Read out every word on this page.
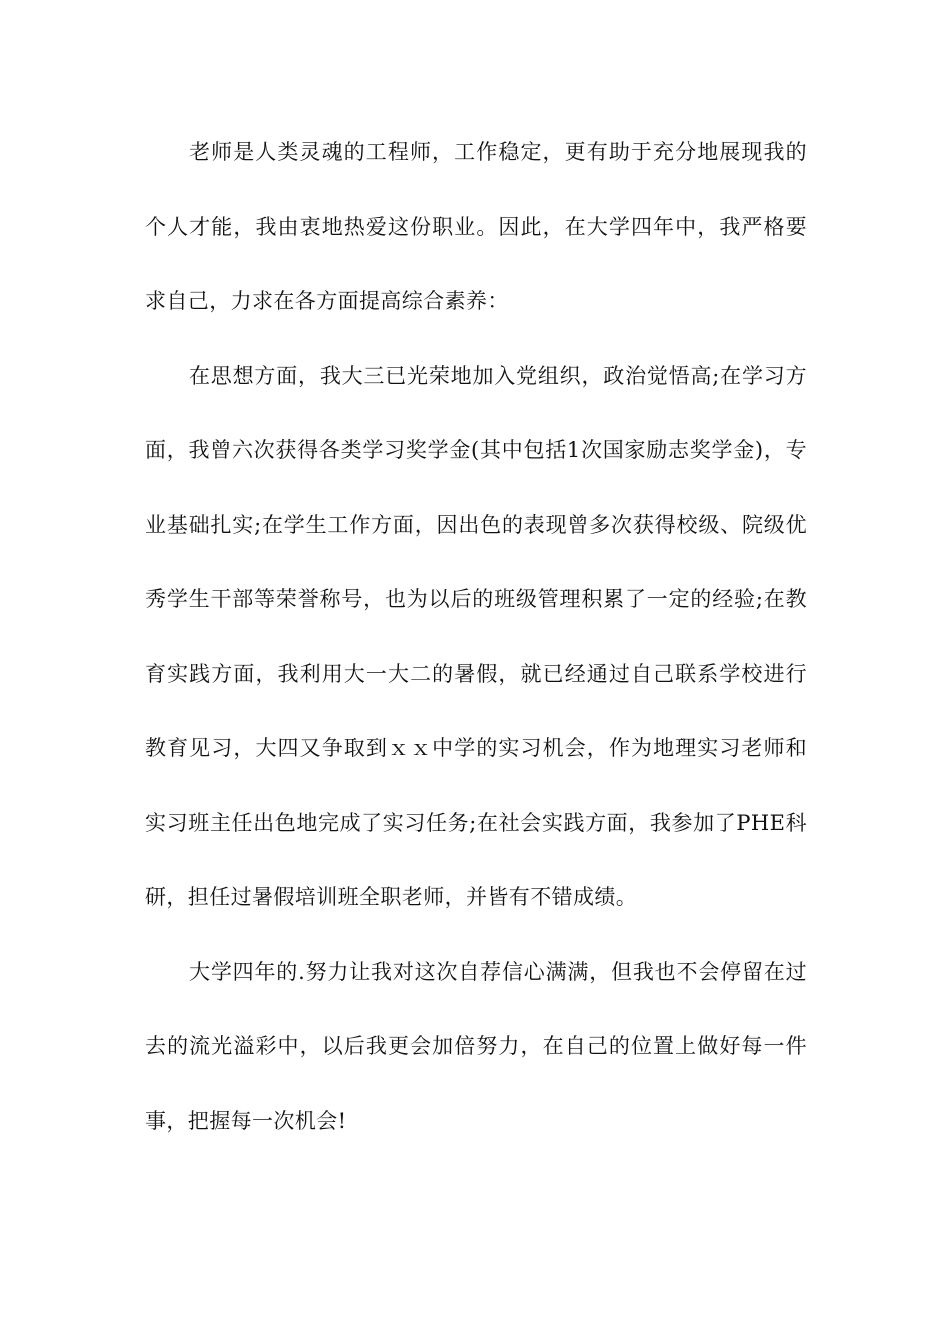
老师是人类灵魂的工程师，工作稳定，更有助于充分地展现我的个人才能，我由衷地热爱这份职业。因此，在大学四年中，我严格要求自己，力求在各方面提高综合素养：

在思想方面，我大三已光荣地加入党组织，政治觉悟高;在学习方面，我曾六次获得各类学习奖学金(其中包括1次国家励志奖学金)，专业基础扎实;在学生工作方面，因出色的表现曾多次获得校级、院级优秀学生干部等荣誉称号，也为以后的班级管理积累了一定的经验;在教育实践方面，我利用大一大二的暑假，就已经通过自己联系学校进行教育见习，大四又争取到ｘｘ中学的实习机会，作为地理实习老师和实习班主任出色地完成了实习任务;在社会实践方面，我参加了PHE科研，担任过暑假培训班全职老师，并皆有不错成绩。

大学四年的.努力让我对这次自荐信心满满，但我也不会停留在过去的流光溢彩中，以后我更会加倍努力，在自己的位置上做好每一件事，把握每一次机会!
